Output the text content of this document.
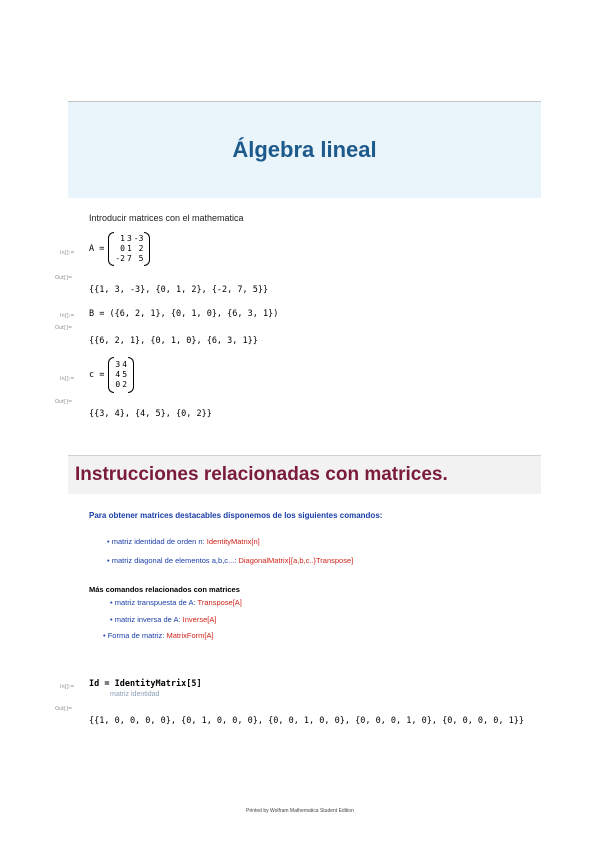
Álgebra lineal
Introducir matrices con el mathematica
In[]:= A =
1 3 -3
0 1 2
-2 7 5
Out[]=
{{1, 3, -3}, {0, 1, 2}, {-2, 7, 5}}
In[]:= B = ({6, 2, 1}, {0, 1, 0}, {6, 3, 1})
Out[]=
{{6, 2, 1}, {0, 1, 0}, {6, 3, 1}}
In[]:= c =
3 4
4 5
0 2
Out[]=
{{3, 4}, {4, 5}, {0, 2}}
Instrucciones relacionadas con matrices.
Para obtener matrices destacables disponemos de los siguientes comandos:
• matriz identidad de orden n: IdentityMatrix[n]
• matriz diagonal de elementos a,b,c...: DiagonalMatrix[{a,b,c..}Transpose]
Más comandos relacionados con matrices
• matriz transpuesta de A: Transpose[A]
• matriz inversa de A: Inverse[A]
• Forma de matriz: MatrixForm[A]
In[]:= Id = IdentityMatrix[5]
matriz identidad
Out[]=
{{1, 0, 0, 0, 0}, {0, 1, 0, 0, 0}, {0, 0, 1, 0, 0}, {0, 0, 0, 1, 0}, {0, 0, 0, 0, 1}}
Printed by Wolfram Mathematica Student Edition
